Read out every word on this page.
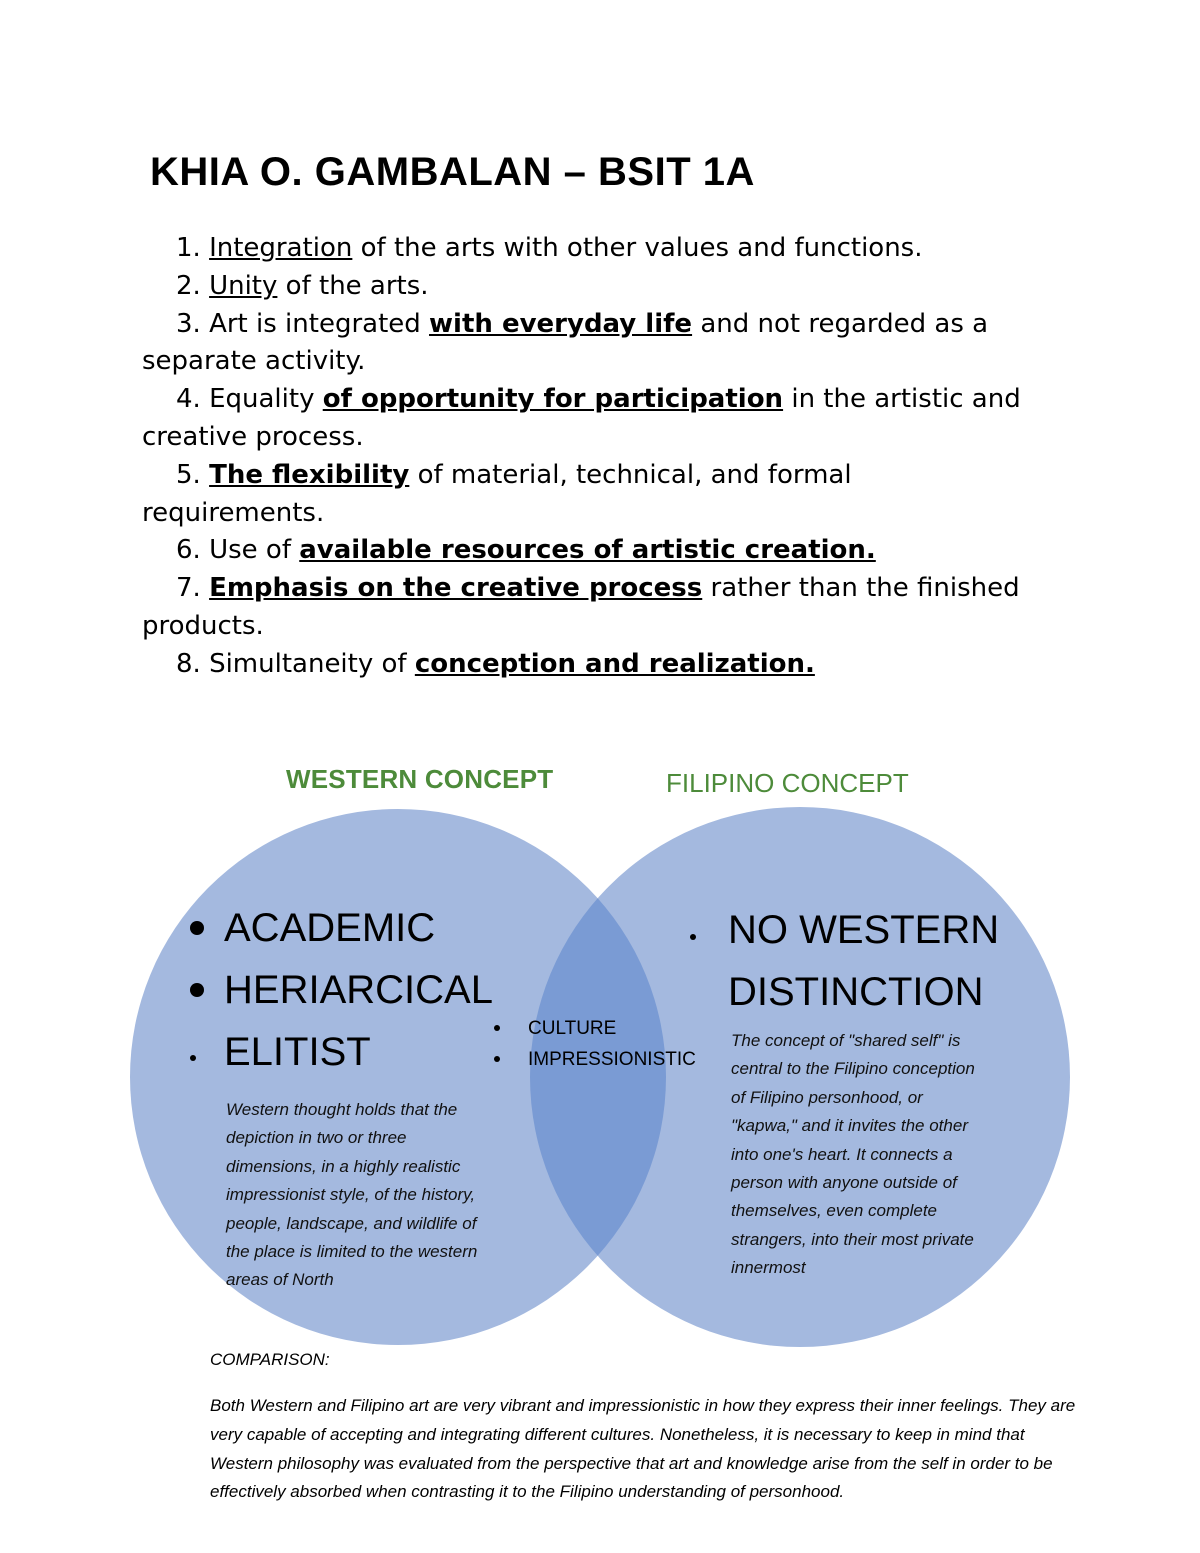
KHIA O. GAMBALAN – BSIT 1A

1. Integration of the arts with other values and functions.

2. Unity of the arts.

3. Art is integrated with everyday life and not regarded as a separate activity.

4. Equality of opportunity for participation in the artistic and creative process.

5. The flexibility of material, technical, and formal requirements.

6. Use of available resources of artistic creation.

7. Emphasis on the creative process rather than the finished products.

8. Simultaneity of conception and realization.

WESTERN CONCEPT	FILIPINO CONCEPT
ACADEMIC
HERIARCICAL
ELITIST
Western thought holds that the depiction in two or three dimensions, in a highly realistic impressionist style, of the history, people, landscape, and wildlife of the place is limited to the western areas of North
CULTURE
IMPRESSIONISTIC
NO WESTERN
DISTINCTION
The concept of "shared self" is central to the Filipino conception of Filipino personhood, or "kapwa," and it invites the other into one's heart. It connects a person with anyone outside of themselves, even complete strangers, into their most private innermost
COMPARISON:
Both Western and Filipino art are very vibrant and impressionistic in how they express their inner feelings. They are very capable of accepting and integrating different cultures. Nonetheless, it is necessary to keep in mind that Western philosophy was evaluated from the perspective that art and knowledge arise from the self in order to be effectively absorbed when contrasting it to the Filipino understanding of personhood.
